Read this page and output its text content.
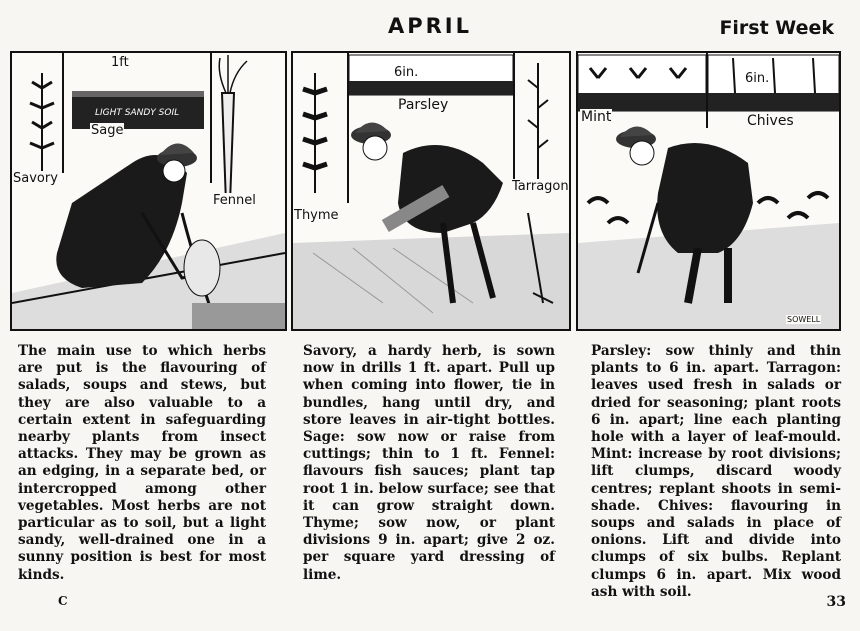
APRIL	First Week
1ft
LIGHT SANDY SOIL
Sage
Savory
Fennel
6in.
Parsley
Thyme
Tarragon
Mint	Chives
6in.
SOWELL
The main use to which herbs are put is the flavouring of salads, soups and stews, but they are also valuable to a certain extent in safeguarding nearby plants from insect attacks. They may be grown as an edging, in a separate bed, or intercropped among other vegetables. Most herbs are not particular as to soil, but a light sandy, well-drained one in a sunny position is best for most kinds.
Savory, a hardy herb, is sown now in drills 1 ft. apart. Pull up when coming into flower, tie in bundles, hang until dry, and store leaves in air-tight bottles. Sage: sow now or raise from cuttings; thin to 1 ft. Fennel: flavours fish sauces; plant tap root 1 in. below surface; see that it can grow straight down. Thyme; sow now, or plant divisions 9 in. apart; give 2 oz. per square yard dressing of lime.
Parsley: sow thinly and thin plants to 6 in. apart. Tarragon: leaves used fresh in salads or dried for seasoning; plant roots 6 in. apart; line each planting hole with a layer of leaf-mould. Mint: increase by root divisions; lift clumps, discard woody centres; replant shoots in semi-shade. Chives: flavouring in soups and salads in place of onions. Lift and divide into clumps of six bulbs. Replant clumps 6 in. apart. Mix wood ash with soil.
C	33
